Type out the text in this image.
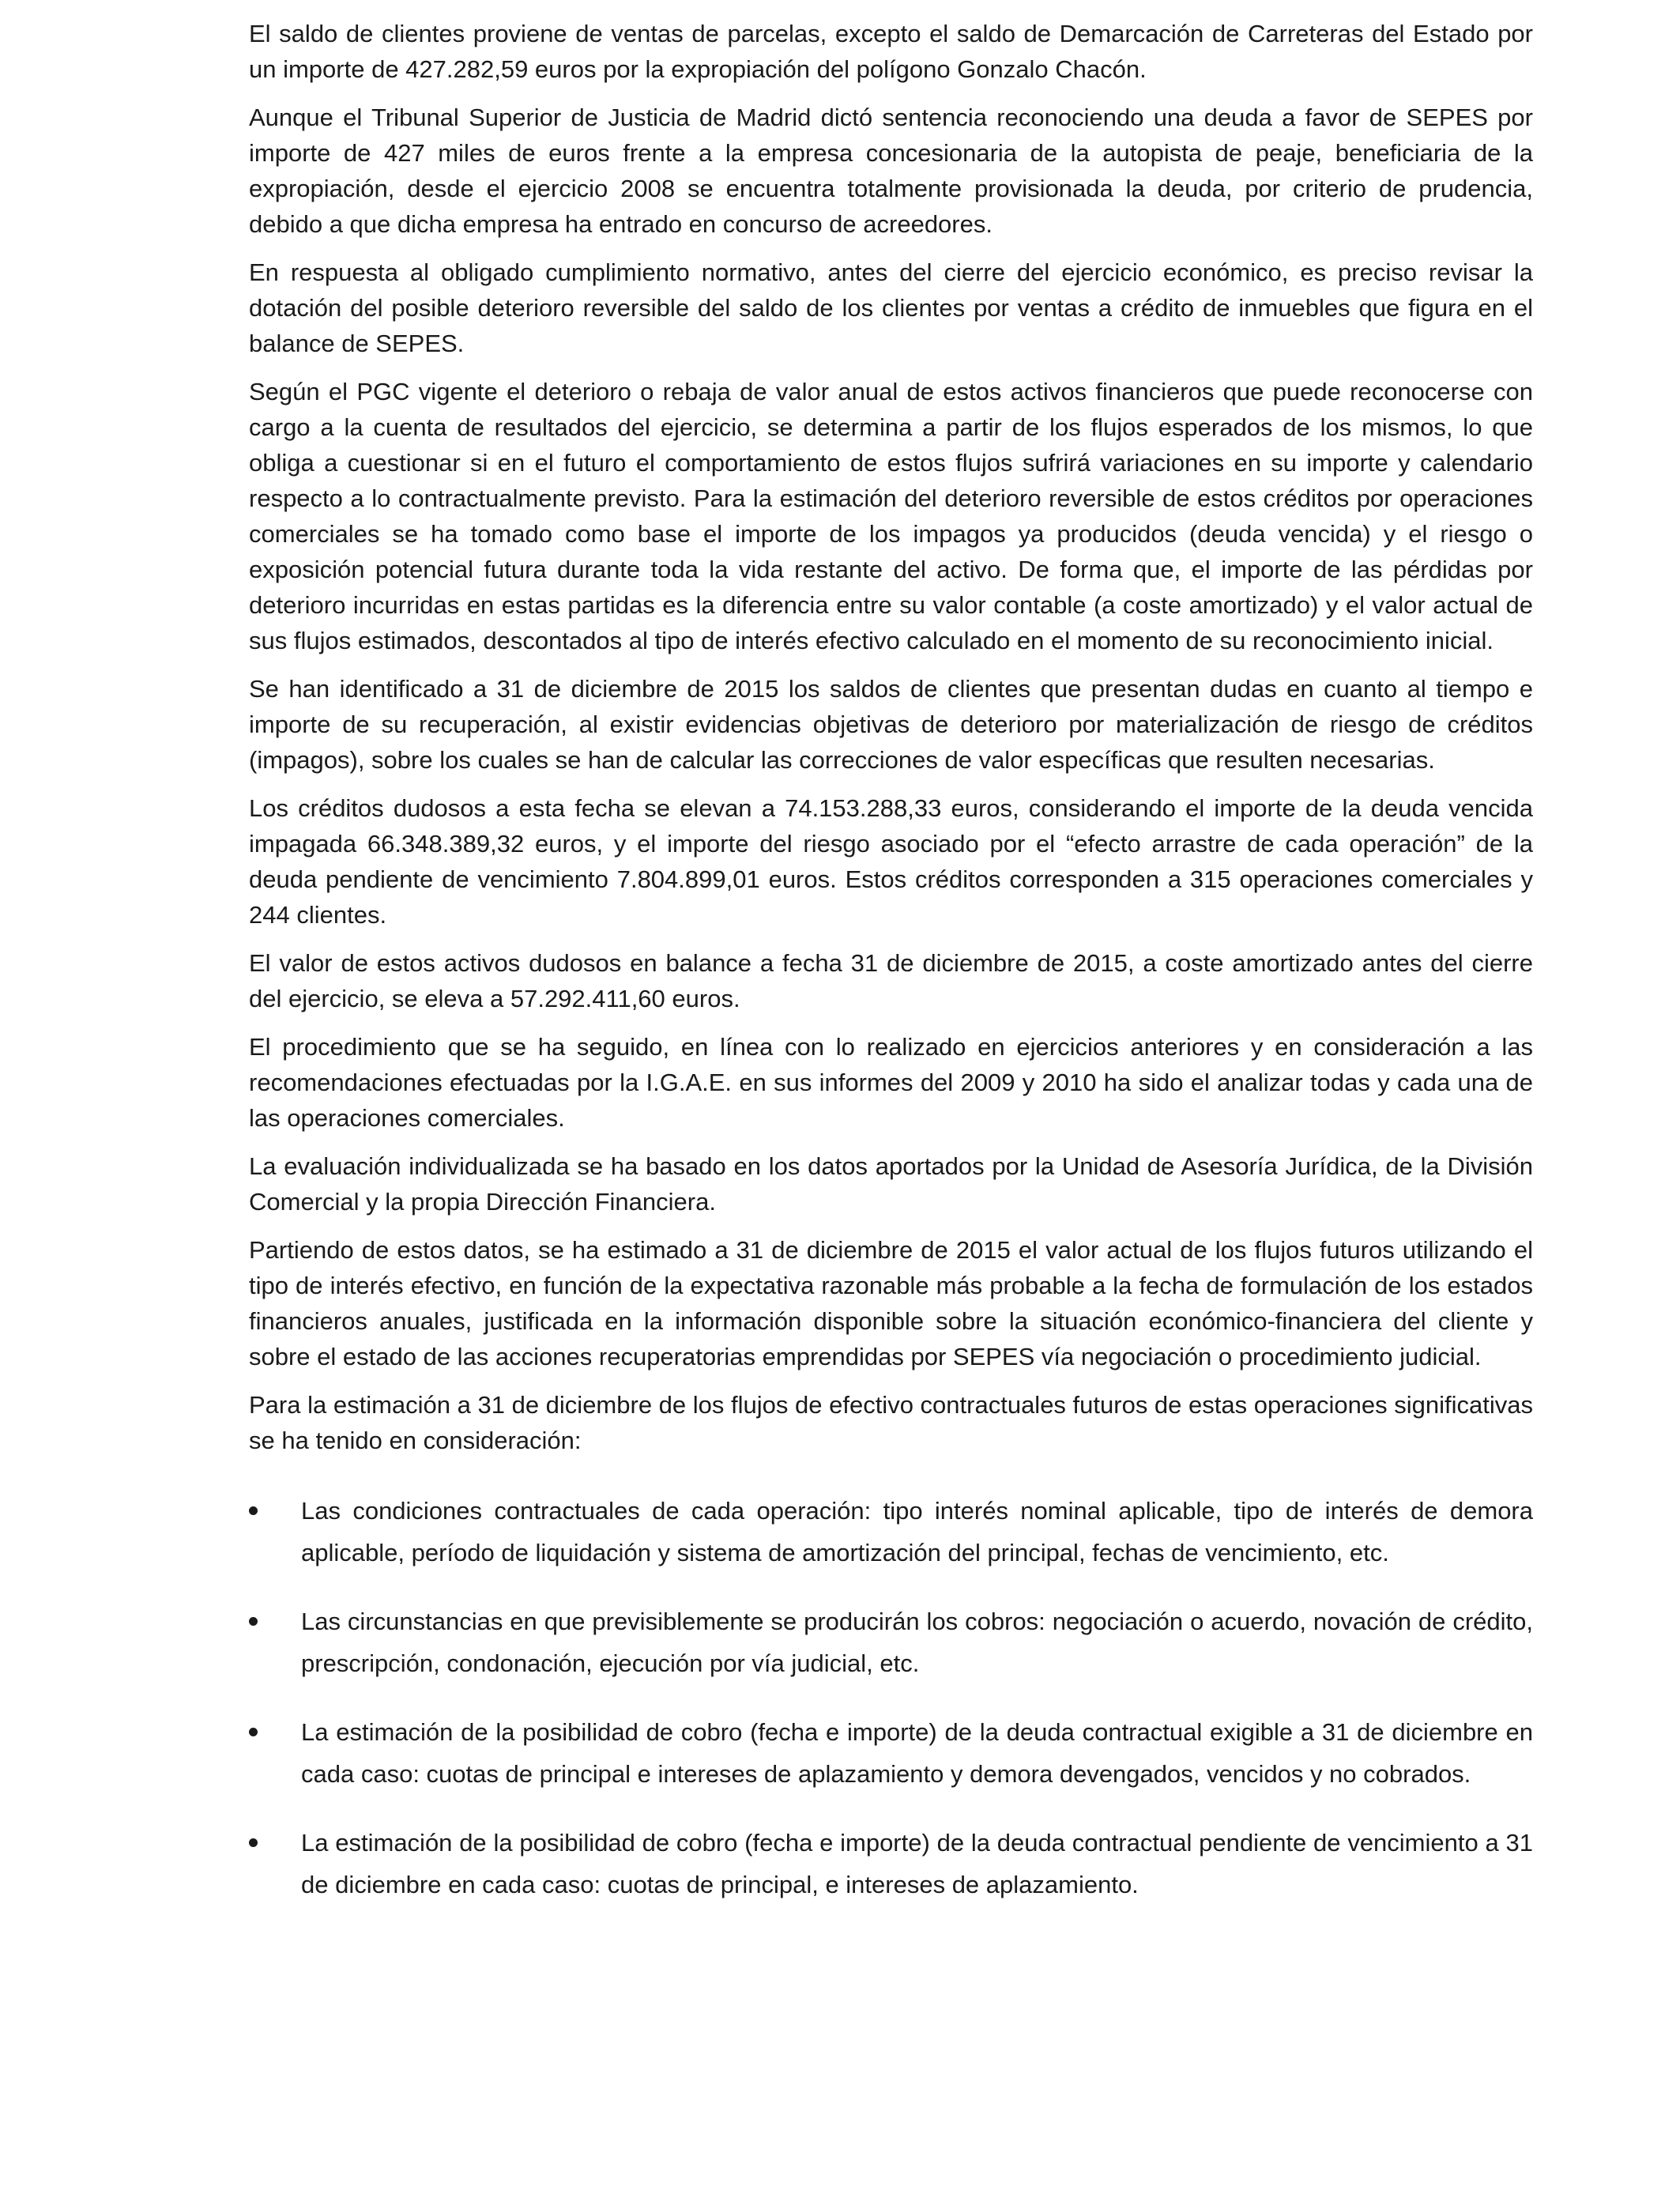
El saldo de clientes proviene de ventas de parcelas, excepto el saldo de Demarcación de Carreteras del Estado por un importe de 427.282,59 euros por la expropiación del polígono Gonzalo Chacón.

Aunque el Tribunal Superior de Justicia de Madrid dictó sentencia reconociendo una deuda a favor de SEPES por importe de 427 miles de euros frente a la empresa concesionaria de la autopista de peaje, beneficiaria de la expropiación, desde el ejercicio 2008 se encuentra totalmente provisionada la deuda, por criterio de prudencia, debido a que dicha empresa ha entrado en concurso de acreedores.

En respuesta al obligado cumplimiento normativo, antes del cierre del ejercicio económico, es preciso revisar la dotación del posible deterioro reversible del saldo de los clientes por ventas a crédito de inmuebles que figura en el balance de SEPES.

Según el PGC vigente el deterioro o rebaja de valor anual de estos activos financieros que puede reconocerse con cargo a la cuenta de resultados del ejercicio, se determina a partir de los flujos esperados de los mismos, lo que obliga a cuestionar si en el futuro el comportamiento de estos flujos sufrirá variaciones en su importe y calendario respecto a lo contractualmente previsto. Para la estimación del deterioro reversible de estos créditos por operaciones comerciales se ha tomado como base el importe de los impagos ya producidos (deuda vencida) y el riesgo o exposición potencial futura durante toda la vida restante del activo. De forma que, el importe de las pérdidas por deterioro incurridas en estas partidas es la diferencia entre su valor contable (a coste amortizado) y el valor actual de sus flujos estimados, descontados al tipo de interés efectivo calculado en el momento de su reconocimiento inicial.

Se han identificado a 31 de diciembre de 2015 los saldos de clientes que presentan dudas en cuanto al tiempo e importe de su recuperación, al existir evidencias objetivas de deterioro por materialización de riesgo de créditos (impagos), sobre los cuales se han de calcular las correcciones de valor específicas que resulten necesarias.

Los créditos dudosos a esta fecha se elevan a 74.153.288,33 euros, considerando el importe de la deuda vencida impagada 66.348.389,32 euros, y el importe del riesgo asociado por el “efecto arrastre de cada operación” de la deuda pendiente de vencimiento 7.804.899,01 euros. Estos créditos corresponden a 315 operaciones comerciales y 244 clientes.

El valor de estos activos dudosos en balance a fecha 31 de diciembre de 2015, a coste amortizado antes del cierre del ejercicio, se eleva a 57.292.411,60 euros.

El procedimiento que se ha seguido, en línea con lo realizado en ejercicios anteriores y en consideración a las recomendaciones efectuadas por la I.G.A.E. en sus informes del 2009 y 2010 ha sido el analizar todas y cada una de las operaciones comerciales.

La evaluación individualizada se ha basado en los datos aportados por la Unidad de Asesoría Jurídica, de la División Comercial y la propia Dirección Financiera.

Partiendo de estos datos, se ha estimado a 31 de diciembre de 2015 el valor actual de los flujos futuros utilizando el tipo de interés efectivo, en función de la expectativa razonable más probable a la fecha de formulación de los estados financieros anuales, justificada en la información disponible sobre la situación económico-financiera del cliente y sobre el estado de las acciones recuperatorias emprendidas por SEPES vía negociación o procedimiento judicial.

Para la estimación a 31 de diciembre de los flujos de efectivo contractuales futuros de estas operaciones significativas se ha tenido en consideración:

Las condiciones contractuales de cada operación: tipo interés nominal aplicable, tipo de interés de demora aplicable, período de liquidación y sistema de amortización del principal, fechas de vencimiento, etc.
Las circunstancias en que previsiblemente se producirán los cobros: negociación o acuerdo, novación de crédito, prescripción, condonación, ejecución por vía judicial, etc.
La estimación de la posibilidad de cobro (fecha e importe) de la deuda contractual exigible a 31 de diciembre en cada caso: cuotas de principal e intereses de aplazamiento y demora devengados, vencidos y no cobrados.
La estimación de la posibilidad de cobro (fecha e importe) de la deuda contractual pendiente de vencimiento a 31 de diciembre en cada caso: cuotas de principal, e intereses de aplazamiento.
